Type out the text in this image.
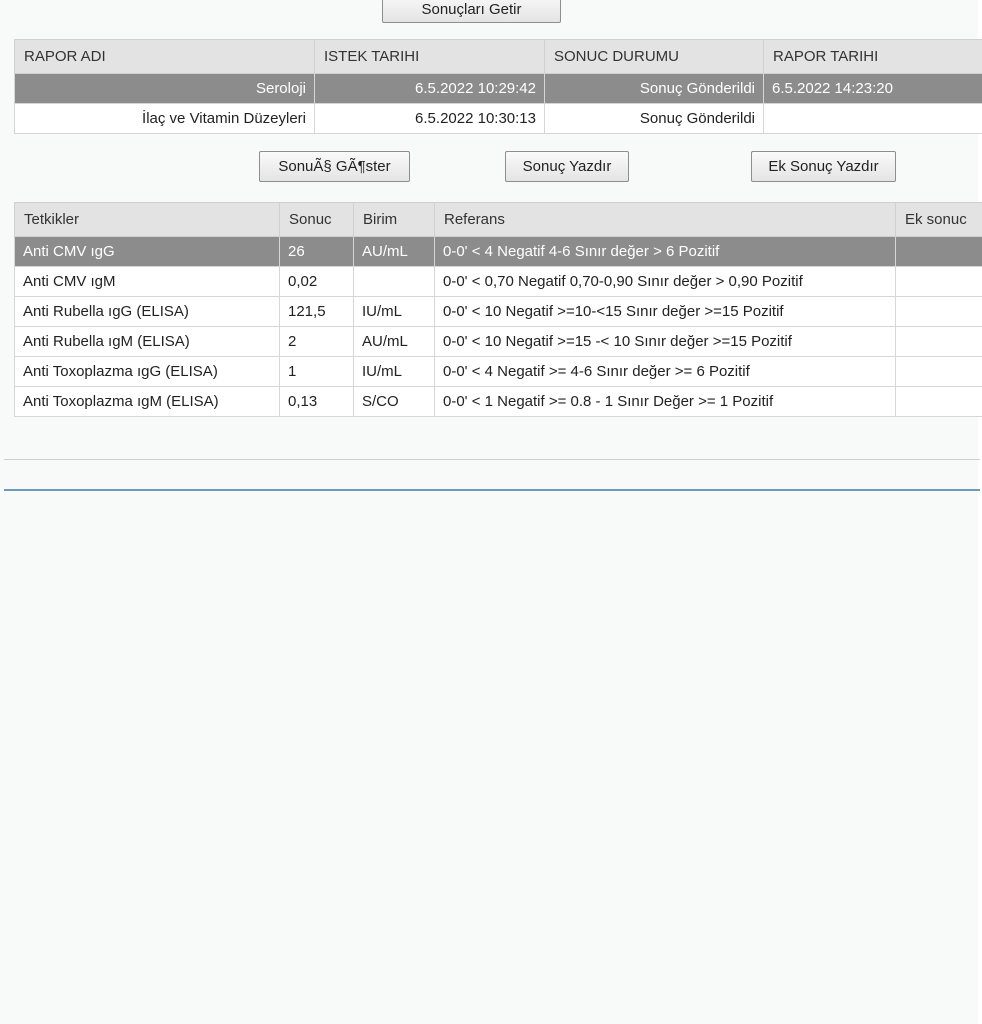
Sonuçları Getir
RAPOR ADI	ISTEK TARIHI	SONUC DURUMU	RAPOR TARIHI
Seroloji	6.5.2022 10:29:42	Sonuç Gönderildi	6.5.2022 14:23:20
İlaç ve Vitamin Düzeyleri	6.5.2022 10:30:13	Sonuç Gönderildi	
SonuÃ§ GÃ¶ster	Sonuç Yazdır	Ek Sonuç Yazdır
Tetkikler	Sonuc	Birim	Referans	Ek sonuc
Anti CMV ıgG	26	AU/mL	0-0' < 4 Negatif 4-6 Sınır değer > 6 Pozitif	
Anti CMV ıgM	0,02		0-0' < 0,70 Negatif 0,70-0,90 Sınır değer > 0,90 Pozitif	
Anti Rubella ıgG (ELISA)	121,5	IU/mL	0-0' < 10 Negatif >=10-<15 Sınır değer >=15 Pozitif	
Anti Rubella ıgM (ELISA)	2	AU/mL	0-0' < 10 Negatif >=15 -< 10 Sınır değer >=15 Pozitif	
Anti Toxoplazma ıgG (ELISA)	1	IU/mL	0-0' < 4 Negatif >= 4-6 Sınır değer >= 6 Pozitif	
Anti Toxoplazma ıgM (ELISA)	0,13	S/CO	0-0' < 1 Negatif >= 0.8 - 1 Sınır Değer >= 1 Pozitif	
